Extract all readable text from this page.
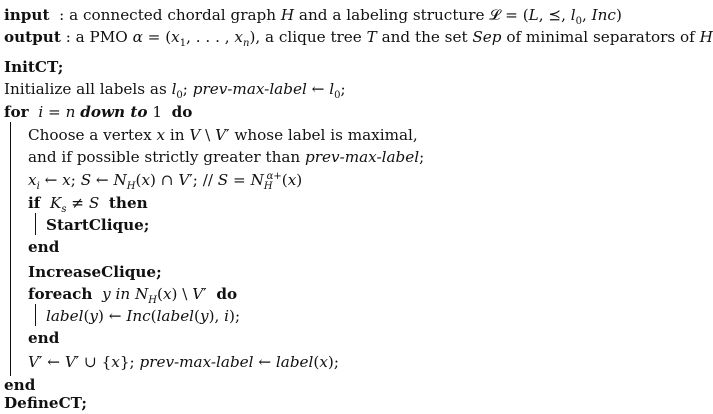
input  : a connected chordal graph H and a labeling structure 𝓛 = (L, ⪯, $l_0$, Inc)
output : a PMO $\alpha = (x_1$, . . . , $x_n$), a clique tree T and the set Sep of minimal separators of H
InitCT;
Initialize all labels as $l_0$; prev-max-label ← $l_0$;
for i = n down to 1  do
Choose a vertex x in V \ V′ whose label is maximal,
and if possible strictly greater than prev-max-label;
$x_i$ ← x; S ← $N_H(x)$ ∩ V′; // $S = N_H^{\alpha+}(x)$
if $K_s \ne S$ then
StartClique;
end
IncreaseClique;
foreach y in $N_H(x)$ \ V′  do
label(y) ← Inc(label(y), i);
end
V′ ← V′ ∪ {x}; prev-max-label ← label(x);
end
DefineCT;
